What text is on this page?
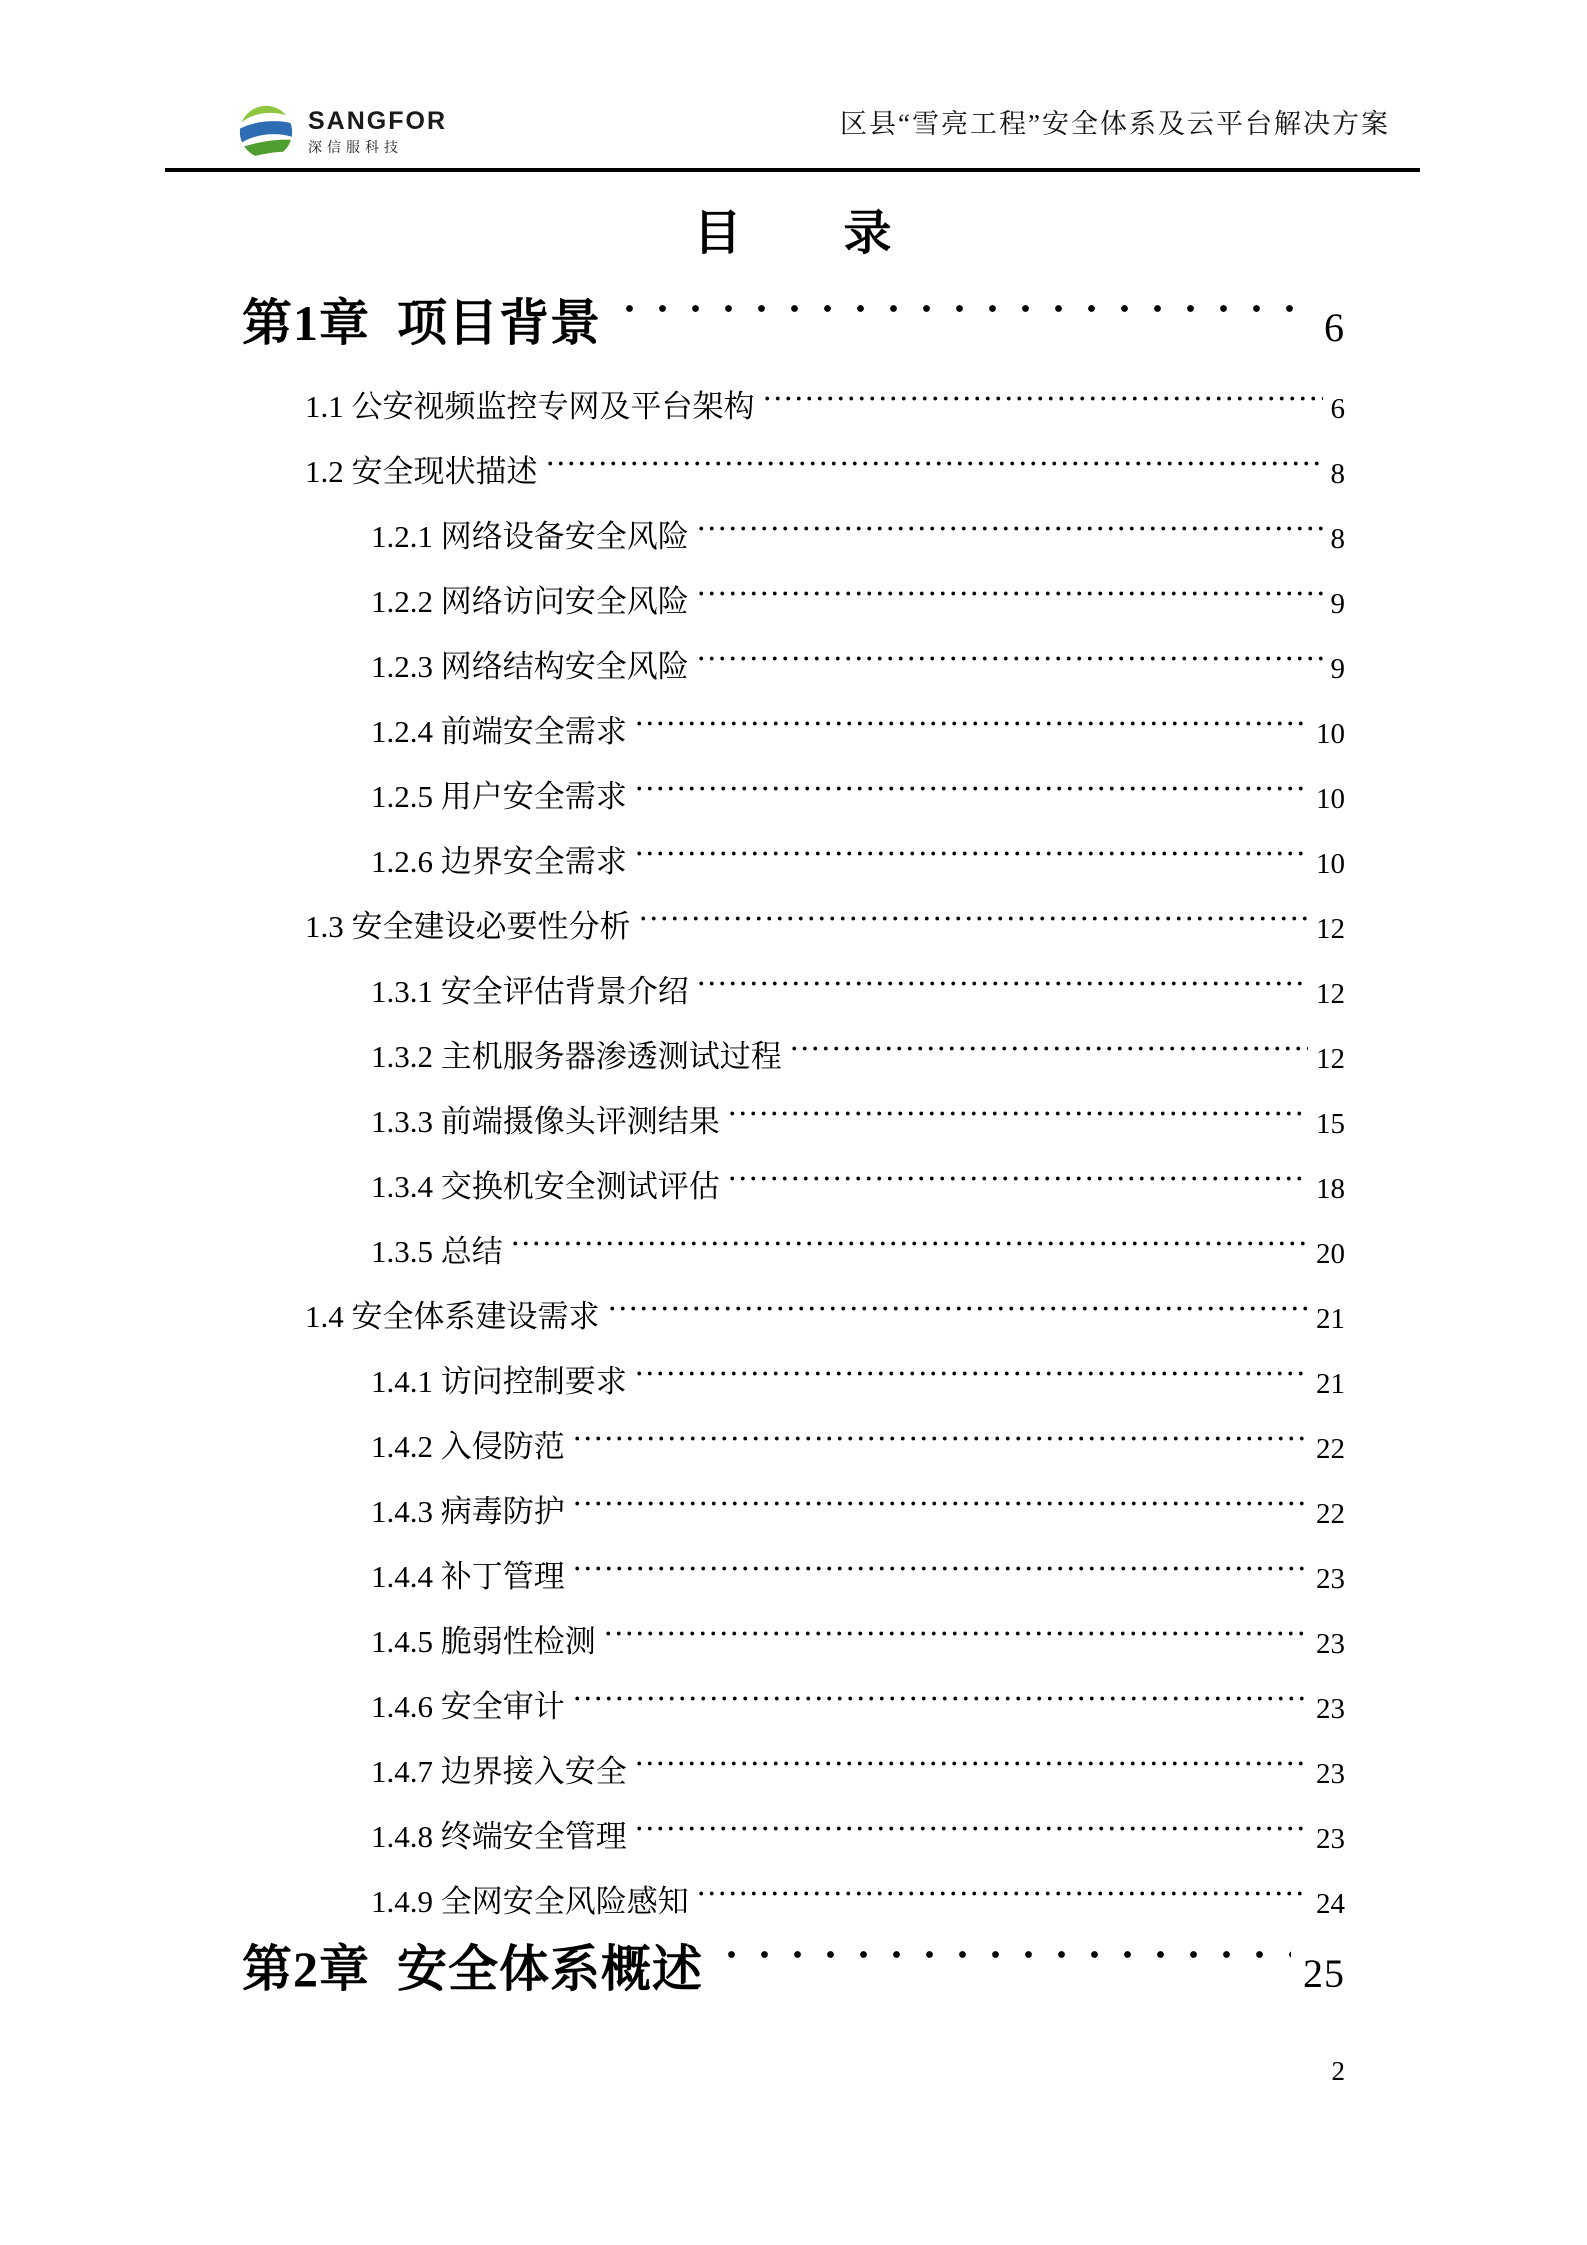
SANGFOR
深信服科技
区县“雪亮工程”安全体系及云平台解决方案
目　　录
第1章  项目背景	6
1.1 公安视频监控专网及平台架构	6
1.2 安全现状描述	8
1.2.1 网络设备安全风险	8
1.2.2 网络访问安全风险	9
1.2.3 网络结构安全风险	9
1.2.4 前端安全需求	10
1.2.5 用户安全需求	10
1.2.6 边界安全需求	10
1.3 安全建设必要性分析	12
1.3.1 安全评估背景介绍	12
1.3.2 主机服务器渗透测试过程	12
1.3.3 前端摄像头评测结果	15
1.3.4 交换机安全测试评估	18
1.3.5 总结	20
1.4 安全体系建设需求	21
1.4.1 访问控制要求	21
1.4.2 入侵防范	22
1.4.3 病毒防护	22
1.4.4 补丁管理	23
1.4.5 脆弱性检测	23
1.4.6 安全审计	23
1.4.7 边界接入安全	23
1.4.8 终端安全管理	23
1.4.9 全网安全风险感知	24
第2章  安全体系概述	25
2
